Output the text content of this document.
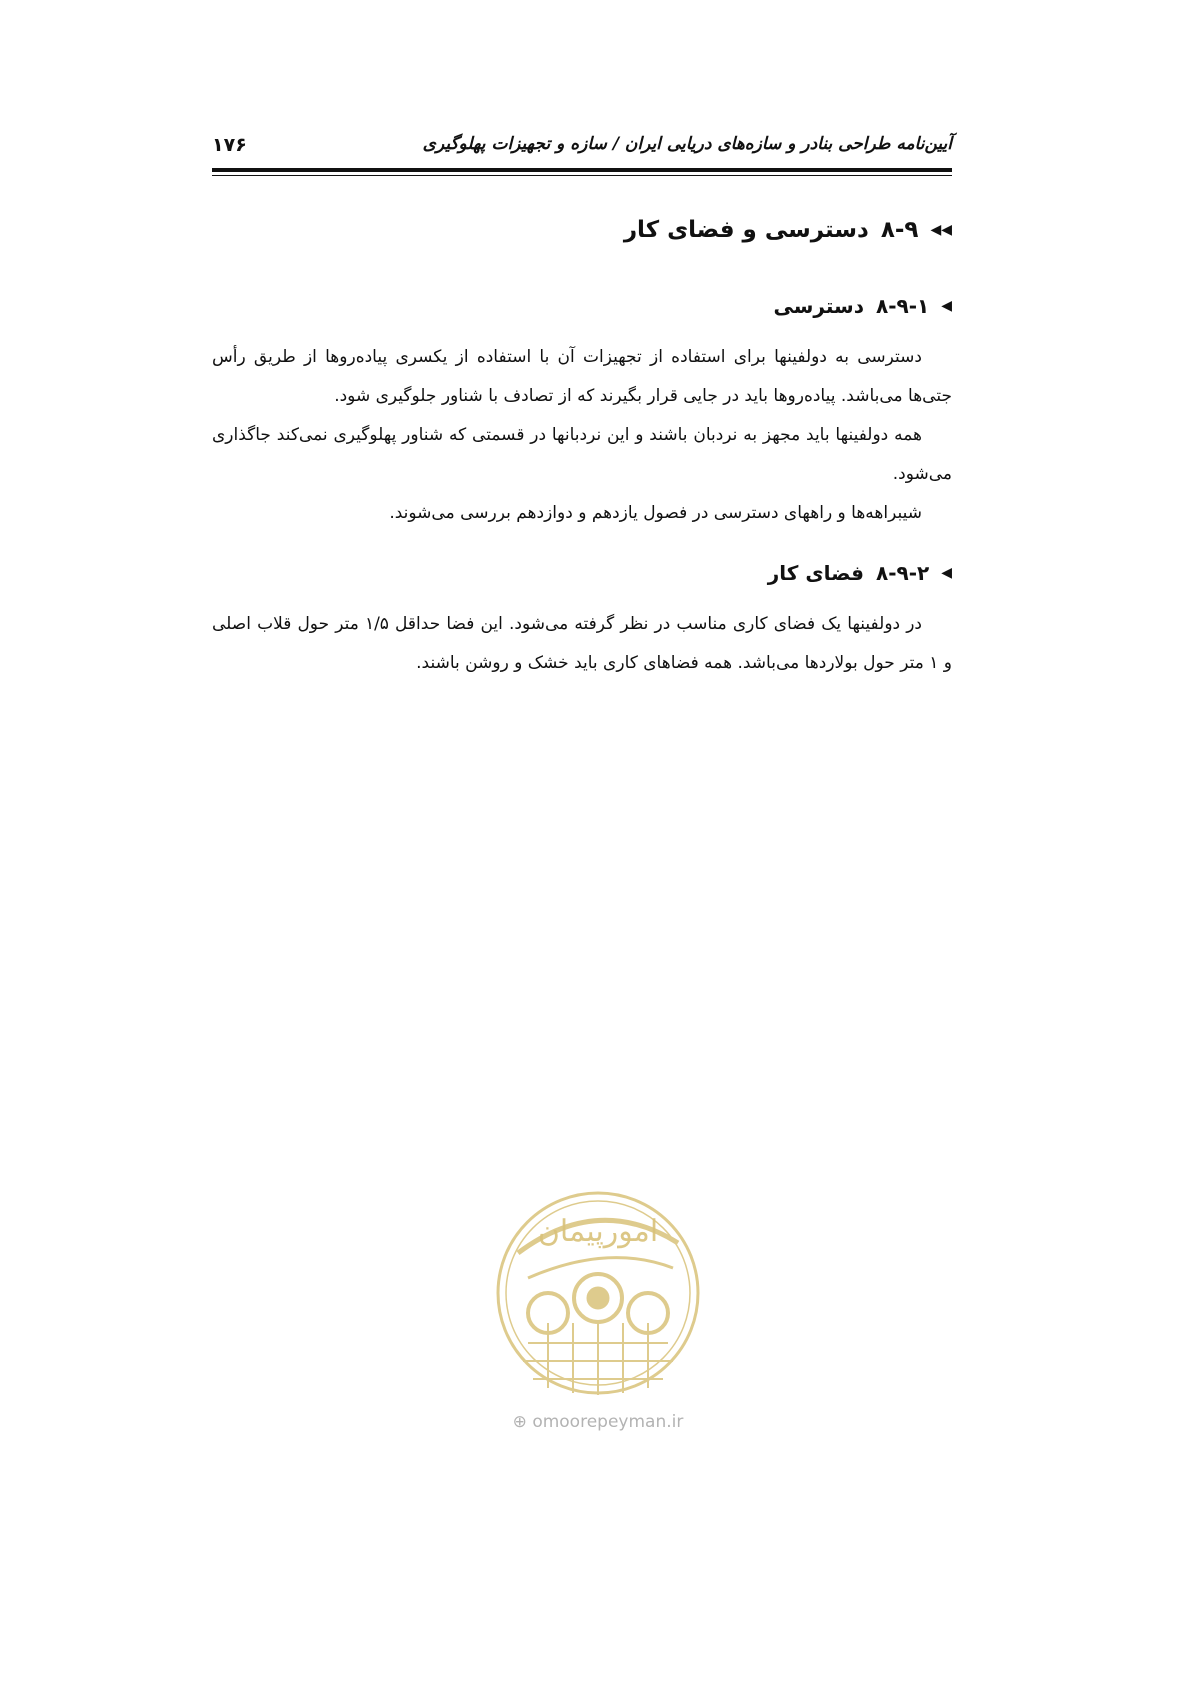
۱۷۶	آیین‌نامه طراحی بنادر و سازه‌های دریایی ایران / سازه و تجهیزات پهلوگیری
◀◀
۸-۹
دسترسی و فضای کار
◀
۸-۹-۱
دسترسی

دسترسی به دولفینها برای استفاده از تجهیزات آن با استفاده از یکسری پیاده‌روها از طریق رأس جتی‌ها می‌باشد. پیاده‌روها باید در جایی قرار بگیرند که از تصادف با شناور جلوگیری شود.

همه دولفینها باید مجهز به نردبان باشند و این نردبانها در قسمتی که شناور پهلوگیری نمی‌کند جاگذاری می‌شود.

شیبراهه‌ها و راههای دسترسی در فصول یازدهم و دوازدهم بررسی می‌شوند.

◀
۸-۹-۲
فضای کار

در دولفینها یک فضای کاری مناسب در نظر گرفته می‌شود. این فضا حداقل ۱/۵ متر حول قلاب اصلی و ۱ متر حول بولاردها می‌باشد. همه فضاهای کاری باید خشک و روشن باشند.

امورپیمان
⊕ omoorepeyman.ir
